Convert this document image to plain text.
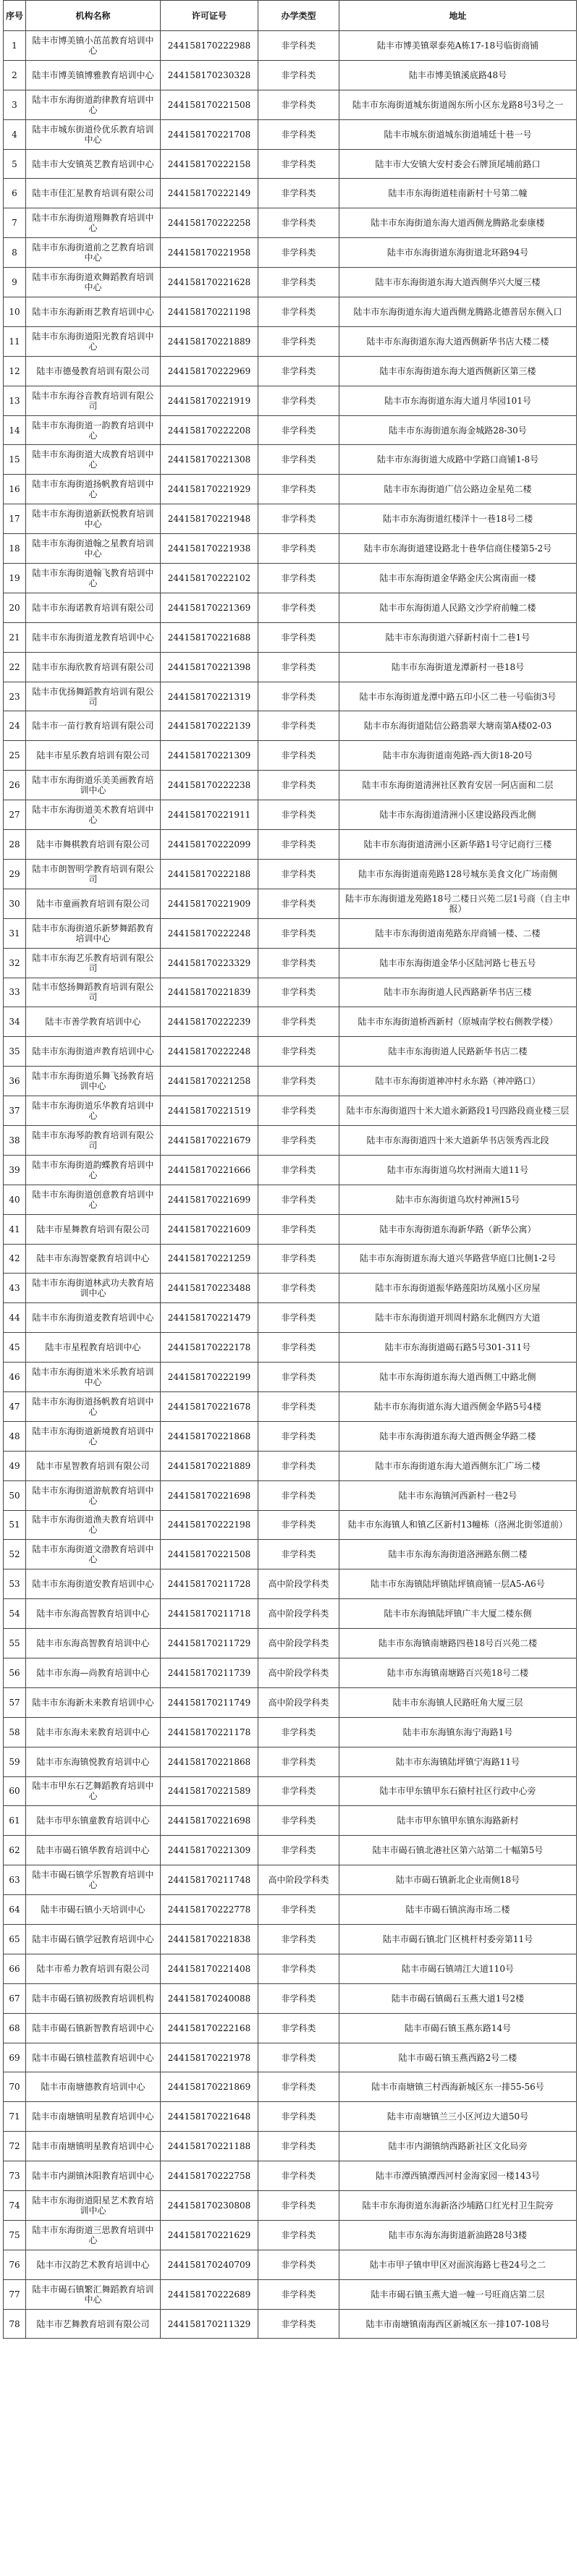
序号	机构名称	许可证号	办学类型	地址
1	陆丰市博美镇小茁茁教育培训中心	244158170222988	非学科类	陆丰市博美镇翠泰苑A栋17-18号临街商铺
2	陆丰市博美镇博雅教育培训中心	244158170230328	非学科类	陆丰市博美镇溪底路48号
3	陆丰市东海街道韵律教育培训中心	244158170221508	非学科类	陆丰市东海街道城东街道阁东所小区东龙路8号3号之一
4	陆丰市城东街道伶优乐教育培训中心	244158170221708	非学科类	陆丰市城东街道城东街道埔廷十巷一号
5	陆丰市大安镇英艺教育培训中心	244158170222158	非学科类	陆丰市大安镇大安村委会石牌顶尾埔前路口
6	陆丰市佳汇星教育培训有限公司	244158170222149	非学科类	陆丰市东海街道桂南新村十号第二幢
7	陆丰市东海街道翔舞教育培训中心	244158170222258	非学科类	陆丰市东海街道东海大道西侧龙腾路北泰康楼
8	陆丰市东海街道前之艺教育培训中心	244158170221958	非学科类	陆丰市东海街道东海街道北环路94号
9	陆丰市东海街道欢舞蹈教育培训中心	244158170221628	非学科类	陆丰市东海街道东海大道西侧华兴大厦三楼
10	陆丰市东海新雨艺教育培训中心	244158170221198	非学科类	陆丰市东海街道东海大道西侧龙腾路北德普居东侧入口
11	陆丰市东海街道阳光教育培训中心	244158170221889	非学科类	陆丰市东海街道东海大道西侧新华书店大楼二楼
12	陆丰市德曼教育培训有限公司	244158170222969	非学科类	陆丰市东海街道东海大道西侧新区第三楼
13	陆丰市东海谷音教育培训有限公司	244158170221919	非学科类	陆丰市东海街道东海大道月华园101号
14	陆丰市东海街道一韵教育培训中心	244158170222208	非学科类	陆丰市东海街道东海金城路28-30号
15	陆丰市东海街道大成教育培训中心	244158170221308	非学科类	陆丰市东海街道大成路中学路口商铺1-8号
16	陆丰市东海街道扬帆教育培训中心	244158170221929	非学科类	陆丰市东海街道广信公路边金星苑二楼
17	陆丰市东海街道新跃悦教育培训中心	244158170221948	非学科类	陆丰市东海街道红楼洋十一巷18号二楼
18	陆丰市东海街道翰之星教育培训中心	244158170221938	非学科类	陆丰市东海街道建设路北十巷华信商住楼第5-2号
19	陆丰市东海街道翰飞教育培训中心	244158170222102	非学科类	陆丰市东海街道金华路金庆公寓南面一楼
20	陆丰市东海诺教育培训有限公司	244158170221369	非学科类	陆丰市东海街道人民路文沙学府前幢二楼
21	陆丰市东海街道龙教育培训中心	244158170221688	非学科类	陆丰市东海街道六驿新村南十二巷1号
22	陆丰市东海欣教育培训有限公司	244158170221398	非学科类	陆丰市东海街道龙潭新村一巷18号
23	陆丰市优扬舞蹈教育培训有限公司	244158170221319	非学科类	陆丰市东海街道龙潭中路五印小区二巷一号临街3号
24	陆丰市一苗行教育培训有限公司	244158170222139	非学科类	陆丰市东海街道陆信公路翡翠大塘南第A楼02-03
25	陆丰市星乐教育培训有限公司	244158170221309	非学科类	陆丰市东海街道南苑路-西大街18-20号
26	陆丰市东海街道乐美美画教育培训中心	244158170222238	非学科类	陆丰市东海街道清洲社区教育安居一阿店面和二层
27	陆丰市东海街道美术教育培训中心	244158170221911	非学科类	陆丰市东海街道清洲小区建设路段西北侧
28	陆丰市舞棋教育培训有限公司	244158170222099	非学科类	陆丰市东海街道清洲小区新华路1号守记商行三楼
29	陆丰市朗智明学教育培训有限公司	244158170222188	非学科类	陆丰市东海街道南苑路128号城东美食文化广场南侧
30	陆丰市童画教育培训有限公司	244158170221909	非学科类	陆丰市东海街道龙苑路18号二楼日兴苑二层1号商（自主申报）
31	陆丰市东海街道乐新梦舞蹈教育培训中心	244158170222248	非学科类	陆丰市东海街道南苑路东岸商铺一楼、二楼
32	陆丰市东海艺乐教育培训有限公司	244158170223329	非学科类	陆丰市东海街道金华小区陆河路七巷五号
33	陆丰市悠扬舞蹈教育培训有限公司	244158170221839	非学科类	陆丰市东海街道人民西路新华书店三楼
34	陆丰市善学教育培训中心	244158170222239	非学科类	陆丰市东海街道桥西新村（原城南学校右侧教学楼）
35	陆丰市东海街道声教育培训中心	244158170222248	非学科类	陆丰市东海街道人民路新华书店二楼
36	陆丰市东海街道乐舞飞扬教育培训中心	244158170221258	非学科类	陆丰市东海街道神冲村永东路（神冲路口）
37	陆丰市东海街道乐华教育培训中心	244158170221519	非学科类	陆丰市东海街道四十米大道永新路段1号四路段商业楼三层
38	陆丰市东海琴韵教育培训有限公司	244158170221679	非学科类	陆丰市东海街道四十米大道新华书店领秀西北段
39	陆丰市东海街道韵蝶教育培训中心	244158170221666	非学科类	陆丰市东海街道乌坎村洲南大道11号
40	陆丰市东海街道创意教育培训中心	244158170221699	非学科类	陆丰市东海街道乌坎村神洲15号
41	陆丰市星舞教育培训有限公司	244158170221609	非学科类	陆丰市东海街道东海新华路（新华公寓）
42	陆丰市东海智豪教育培训中心	244158170221259	非学科类	陆丰市东海街道东海大道兴华路营华庭口比侧1-2号
43	陆丰市东海街道林武功夫教育培训中心	244158170223488	非学科类	陆丰市东海街道振华路莲阳坊凤凰小区房屋
44	陆丰市东海街道麦教育培训中心	244158170221479	非学科类	陆丰市东海街道开圳周村路东北侧四方大道
45	陆丰市星程教育培训中心	244158170222178	非学科类	陆丰市东海街道碣石路5号301-311号
46	陆丰市东海街道米米乐教育培训中心	244158170222199	非学科类	陆丰市东海街道东海大道西侧工中路北侧
47	陆丰市东海街道扬帆教育培训中心	244158170221678	非学科类	陆丰市东海街道东海大道西侧金华路5号4楼
48	陆丰市东海街道新境教育培训中心	244158170221868	非学科类	陆丰市东海街道东海大道西侧金华路二楼
49	陆丰市星智教育培训有限公司	244158170221889	非学科类	陆丰市东海街道东海大道西侧东汇广场二楼
50	陆丰市东海街道游航教育培训中心	244158170221698	非学科类	陆丰市东海镇河西新村一巷2号
51	陆丰市东海街道渔夫教育培训中心	244158170222198	非学科类	陆丰市东海镇人和镇乙区新村13幢栋（洛洲北街邻道前）
52	陆丰市东海街道文渤教育培训中心	244158170221508	非学科类	陆丰市东海东海街道洛洲路东侧二楼
53	陆丰市东海街道安教育培训中心	244158170211728	高中阶段学科类	陆丰市东海镇陆坪镇陆坪镇商铺一层A5-A6号
54	陆丰市东海高智教育培训中心	244158170211718	高中阶段学科类	陆丰市东海镇陆坪镇广丰大厦二楼东侧
55	陆丰市东海高智教育培训中心	244158170211729	高中阶段学科类	陆丰市东海镇南塘路四巷18号百兴苑二楼
56	陆丰市东海—尚教育培训中心	244158170211739	高中阶段学科类	陆丰市东海镇南塘路百兴苑18号二楼
57	陆丰市东海新未来教育培训中心	244158170211749	高中阶段学科类	陆丰市东海镇人民路旺角大厦三层
58	陆丰市东海未来教育培训中心	244158170221178	非学科类	陆丰市东海镇东海宁海路1号
59	陆丰市东海镇悦教育培训中心	244158170221868	非学科类	陆丰市东海镇陆坪镇宁海路11号
60	陆丰市甲东石艺舞蹈教育培训中心	244158170221589	非学科类	陆丰市甲东镇甲东石猿村社区行政中心旁
61	陆丰市甲东镇童教育培训中心	244158170221698	非学科类	陆丰市甲东镇甲东镇东海路新村
62	陆丰市碣石镇华教育培训中心	244158170221309	非学科类	陆丰市碣石镇北港社区第六站第二十幅第5号
63	陆丰市碣石镇学乐智教育培训中心	244158170211748	高中阶段学科类	陆丰市碣石镇新北企业南侧18号
64	陆丰市碣石镇小天培训中心	244158170222778	非学科类	陆丰市碣石镇滨海市场二楼
65	陆丰市碣石镇学冠教育培训中心	244158170221838	非学科类	陆丰市碣石镇北门区桃杆村委旁第11号
66	陆丰市希力教育培训有限公司	244158170221408	非学科类	陆丰市碣石镇靖江大道110号
67	陆丰市碣石镇初级教育培训机构	244158170240088	非学科类	陆丰市碣石镇碣石玉燕大道1号2楼
68	陆丰市碣石镇新智教育培训中心	244158170222168	非学科类	陆丰市碣石镇玉燕东路14号
69	陆丰市碣石镇桂蓝教育培训中心	244158170221978	非学科类	陆丰市碣石镇玉燕西路2号二楼
70	陆丰市南塘德教育培训中心	244158170221869	非学科类	陆丰市南塘镇三村西海新城区东一排55-56号
71	陆丰市南塘镇明星教育培训中心	244158170221648	非学科类	陆丰市南塘镇兰三小区河边大道50号
72	陆丰市南塘镇明星教育培训中心	244158170221188	非学科类	陆丰市内湖镇纳西路新社区文化局旁
73	陆丰市内湖镇沐阳教育培训中心	244158170222758	非学科类	陆丰市潭西镇潭西河村金海家园一楼143号
74	陆丰市东海街道阳星艺术教育培训中心	244158170230808	非学科类	陆丰市东海街道东海新洛沙埔路口红光村卫生院旁
75	陆丰市东海街道三思教育培训中心	244158170221629	非学科类	陆丰市东海东海街道新油路28号3楼
76	陆丰市汉韵艺术教育培训中心	244158170240709	非学科类	陆丰市甲子镇申甲区对面滨海路七巷24号之二
77	陆丰市碣石镇繁汇舞蹈教育培训中心	244158170222689	非学科类	陆丰市碣石镇玉燕大道一幢一号旺商店第二层
78	陆丰市艺舞教育培训有限公司	244158170211329	非学科类	陆丰市南塘镇南海西区新城区东一排107-108号
